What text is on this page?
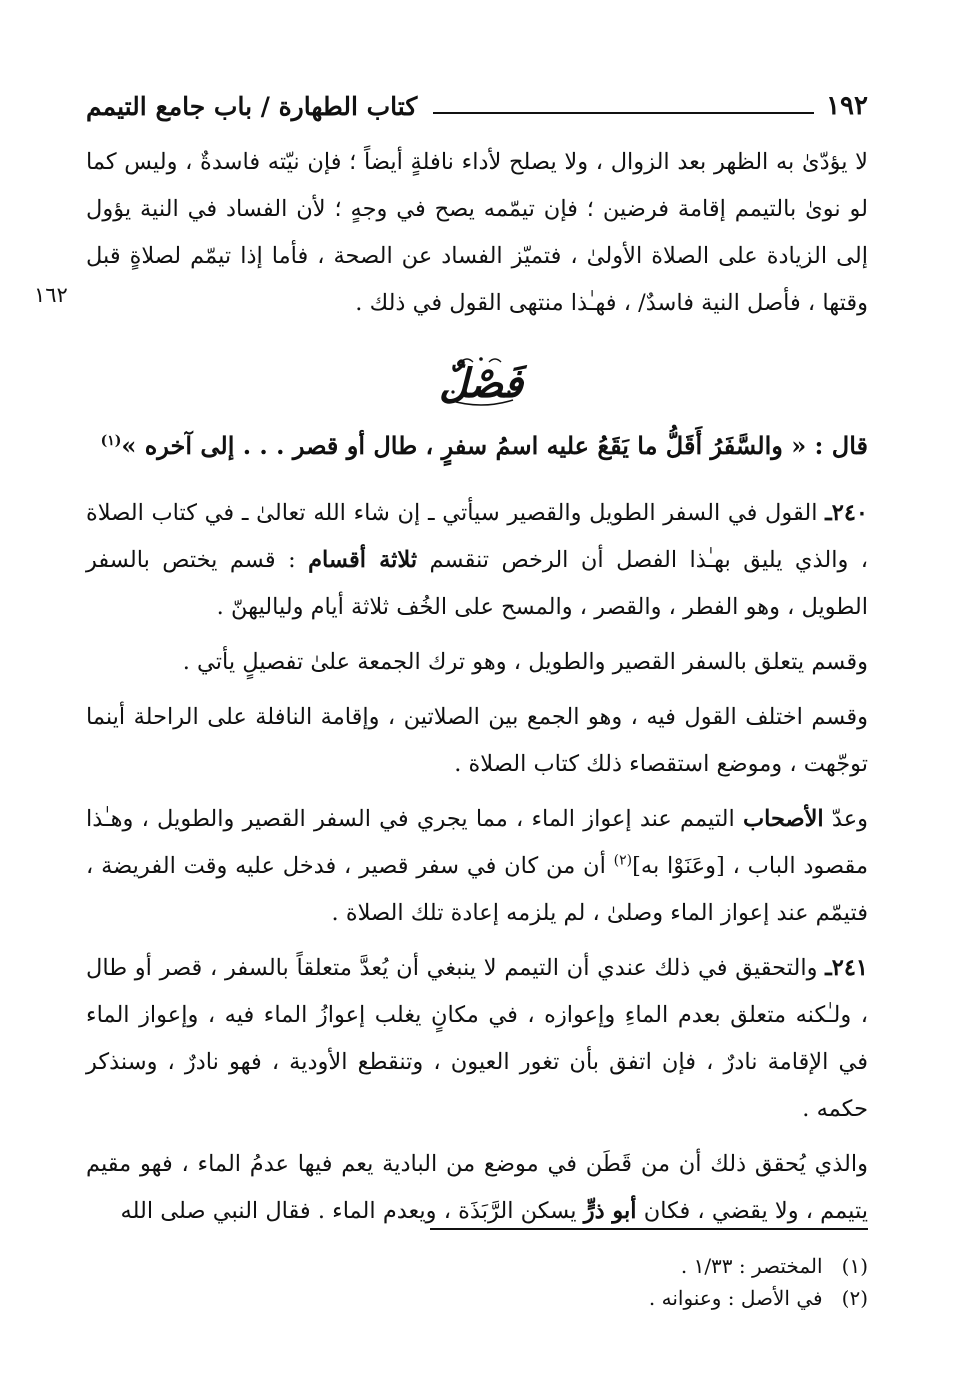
١٩٢
كتاب الطهارة / باب جامع التيمم

لا يؤدّىٰ به الظهر بعد الزوال ، ولا يصلح لأداء نافلةٍ أيضاً ؛ فإن نيّته فاسدةٌ ، وليس كما لو نوىٰ بالتيمم إقامة فرضين ؛ فإن تيمّمه يصح في وجهٍ ؛ لأن الفساد في النية يؤول إلى الزيادة على الصلاة الأولىٰ ، فتميّز الفساد عن الصحة ، فأما إذا تيمّم لصلاةٍ قبل وقتها ، فأصل النية فاسدٌ/ ، فهـٰذا منتهى القول في ذلك .

١٦٢
فَصْلٌ
قال : « والسَّفَرُ أَقَلُّ ما يَقَعُ عليه اسمُ سفرٍ ، طال أو قصر . . . إلى آخره »$^{(١)}$

٢٤٠ـ القول في السفر الطويل والقصير سيأتي ـ إن شاء الله تعالىٰ ـ في كتاب الصلاة ، والذي يليق بهـٰذا الفصل أن الرخص تنقسم ثلاثة أقسام : قسم يختص بالسفر الطويل ، وهو الفطر ، والقصر ، والمسح على الخُف ثلاثة أيام ولياليهنّ .

وقسم يتعلق بالسفر القصير والطويل ، وهو ترك الجمعة علىٰ تفصيلٍ يأتي .

وقسم اختلف القول فيه ، وهو الجمع بين الصلاتين ، وإقامة النافلة على الراحلة أينما توجّهت ، وموضع استقصاء ذلك كتاب الصلاة .

وعدّ الأصحاب التيمم عند إعواز الماء ، مما يجري في السفر القصير والطويل ، وهـٰذا مقصود الباب ، [وعَنَوْا به]$^{(٢)}$ أن من كان في سفر قصير ، فدخل عليه وقت الفريضة ، فتيمّم عند إعواز الماء وصلىٰ ، لم يلزمه إعادة تلك الصلاة .

٢٤١ـ والتحقيق في ذلك عندي أن التيمم لا ينبغي أن يُعدَّ متعلقاً بالسفر ، قصر أو طال ، ولـٰكنه متعلق بعدم الماءِ وإعوازه ، في مكانٍ يغلب إعوازُ الماء فيه ، وإعواز الماء في الإقامة نادرٌ ، فإن اتفق بأن تغور العيون ، وتنقطع الأودية ، فهو نادرٌ ، وسنذكر حكمه .

والذي يُحقق ذلك أن من قَطَن في موضع من البادية يعم فيها عدمُ الماء ، فهو مقيم يتيمم ، ولا يقضي ، فكان أبو ذرٍّ يسكن الرَّبَذَة ، ويعدم الماء . فقال النبي صلى الله

(١)   المختصر : ١/٣٣ .

(٢)   في الأصل : وعنوانه .
